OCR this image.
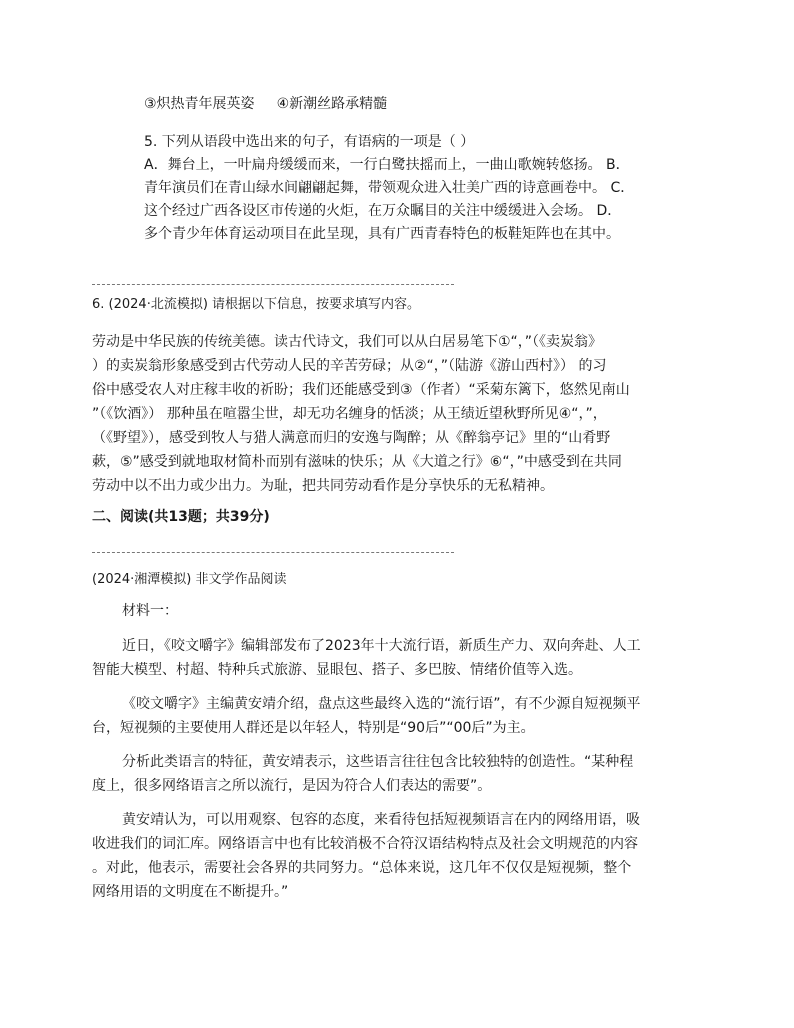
③炽热青年展英姿 ④新潮丝路承精髓
5. 下列从语段中选出来的句子，有语病的一项是（ ）
A．舞台上，一叶扁舟缓缓而来，一行白鹭扶摇而上，一曲山歌婉转悠扬。 B．
青年演员们在青山绿水间翩翩起舞，带领观众进入壮美广西的诗意画卷中。 C．
这个经过广西各设区市传递的火炬，在万众瞩目的关注中缓缓进入会场。 D．
多个青少年体育运动项目在此呈现，具有广西青春特色的板鞋矩阵也在其中。
6. (2024·北流模拟) 请根据以下信息，按要求填写内容。
劳动是中华民族的传统美德。读古代诗文，我们可以从白居易笔下①“，”（《卖炭翁》
）的卖炭翁形象感受到古代劳动人民的辛苦劳碌；从②“，”（陆游《游山西村》） 的习
俗中感受农人对庄稼丰收的祈盼；我们还能感受到③（作者）“采菊东篱下，悠然见南山
”（《饮酒》） 那种虽在喧嚣尘世，却无功名缠身的恬淡；从王绩近望秋野所见④“，”，
（《野望》），感受到牧人与猎人满意而归的安逸与陶醉；从《醉翁亭记》里的“山肴野
蔌，⑤”感受到就地取材简朴而别有滋味的快乐；从《大道之行》⑥“，”中感受到在共同
劳动中以不出力或少出力。为耻，把共同劳动看作是分享快乐的无私精神。
二、阅读(共13题；共39分)
(2024·湘潭模拟) 非文学作品阅读
材料一：
近日，《咬文嚼字》编辑部发布了2023年十大流行语，新质生产力、双向奔赴、人工
智能大模型、村超、特种兵式旅游、显眼包、搭子、多巴胺、情绪价值等入选。
《咬文嚼字》主编黄安靖介绍，盘点这些最终入选的“流行语”，有不少源自短视频平
台，短视频的主要使用人群还是以年轻人，特别是“90后”“00后”为主。
分析此类语言的特征，黄安靖表示，这些语言往往包含比较独特的创造性。“某种程
度上，很多网络语言之所以流行，是因为符合人们表达的需要”。
黄安靖认为，可以用观察、包容的态度，来看待包括短视频语言在内的网络用语，吸
收进我们的词汇库。网络语言中也有比较消极不合符汉语结构特点及社会文明规范的内容
。对此，他表示，需要社会各界的共同努力。“总体来说，这几年不仅仅是短视频，整个
网络用语的文明度在不断提升。”
